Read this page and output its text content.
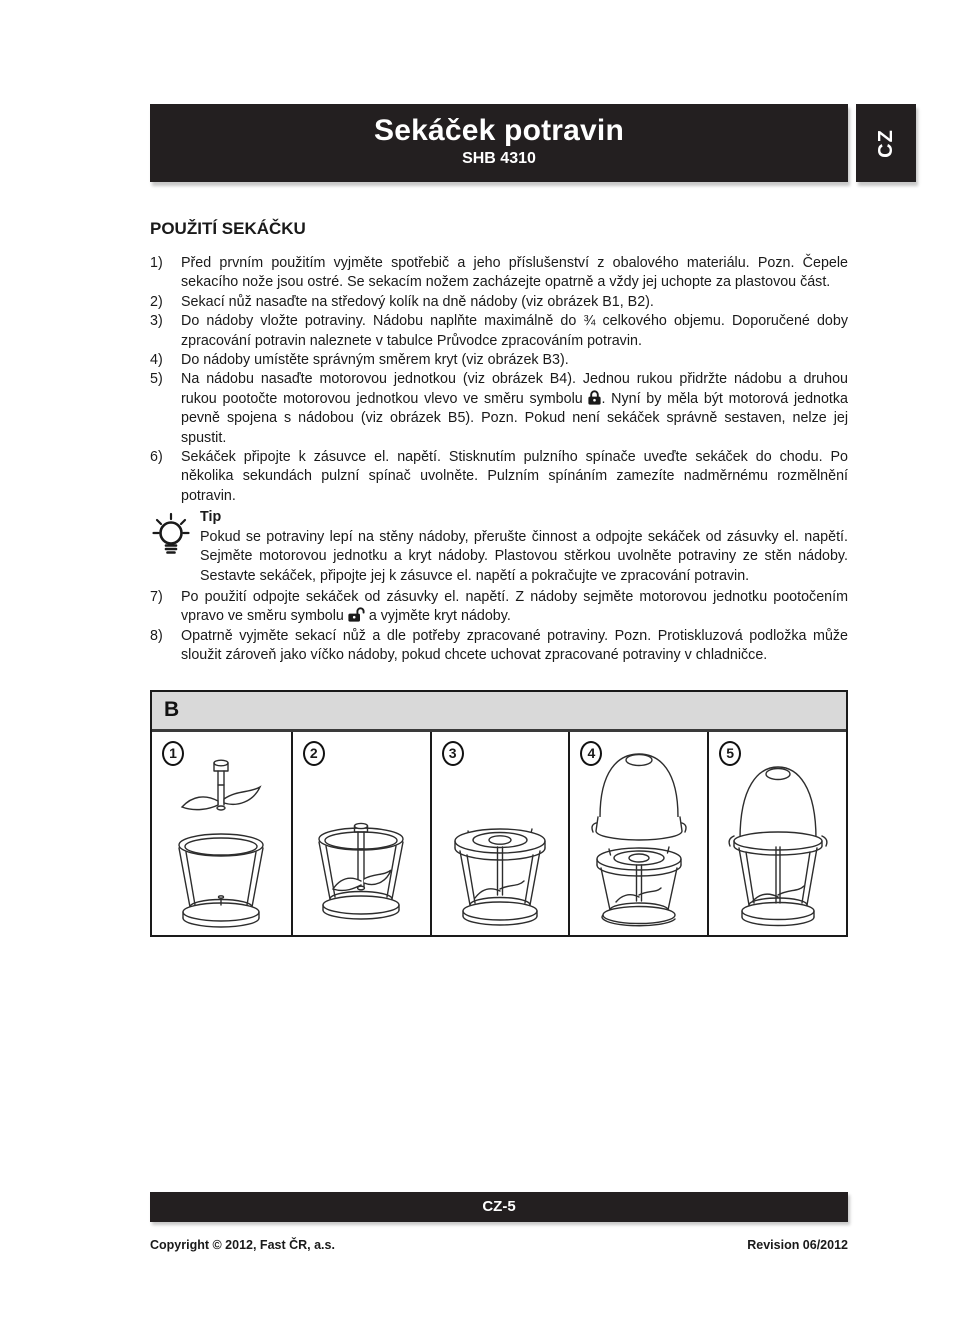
Sekáček potravin
SHB 4310
POUŽITÍ SEKÁČKU
1)	Před prvním použitím vyjměte spotřebič a jeho příslušenství z obalového materiálu. Pozn. Čepele sekacího nože jsou ostré. Se sekacím nožem zacházejte opatrně a vždy jej uchopte za plastovou část.

2)	Sekací nůž nasaďte na středový kolík na dně nádoby (viz obrázek B1, B2).

3)	Do nádoby vložte potraviny. Nádobu naplňte maximálně do ¾ celkového objemu. Doporučené doby zpracování potravin naleznete v tabulce Průvodce zpracováním potravin.

4)	Do nádoby umístěte správným směrem kryt (viz obrázek B3).

5)	Na nádobu nasaďte motorovou jednotkou (viz obrázek B4). Jednou rukou přidržte nádobu a druhou rukou pootočte motorovou jednotkou vlevo ve směru symbolu . Nyní by měla být motorová jednotka pevně spojena s nádobou (viz obrázek B5). Pozn. Pokud není sekáček správně sestaven, nelze jej spustit.

6)	Sekáček připojte k zásuvce el. napětí. Stisknutím pulzního spínače uveďte sekáček do chodu. Po několika sekundách pulzní spínač uvolněte. Pulzním spínáním zamezíte nadměrnému rozmělnění potravin.

Tip

Pokud se potraviny lepí na stěny nádoby, přerušte činnost a odpojte sekáček od zásuvky el. napětí. Sejměte motorovou jednotku a kryt nádoby. Plastovou stěrkou uvolněte potraviny ze stěn nádoby. Sestavte sekáček, připojte jej k zásuvce el. napětí a pokračujte ve zpracování potravin.

7)	Po použití odpojte sekáček od zásuvky el. napětí. Z nádoby sejměte motorovou jednotku pootočením vpravo ve směru symbolu  a vyjměte kryt nádoby.

8)	Opatrně vyjměte sekací nůž a dle potřeby zpracované potraviny. Pozn. Protiskluzová podložka může sloužit zároveň jako víčko nádoby, pokud chcete uchovat zpracované potraviny v chladničce.

B
1	2	3	4	5
CZ
CZ-5
Copyright © 2012, Fast ČR, a.s.	Revision 06/2012
